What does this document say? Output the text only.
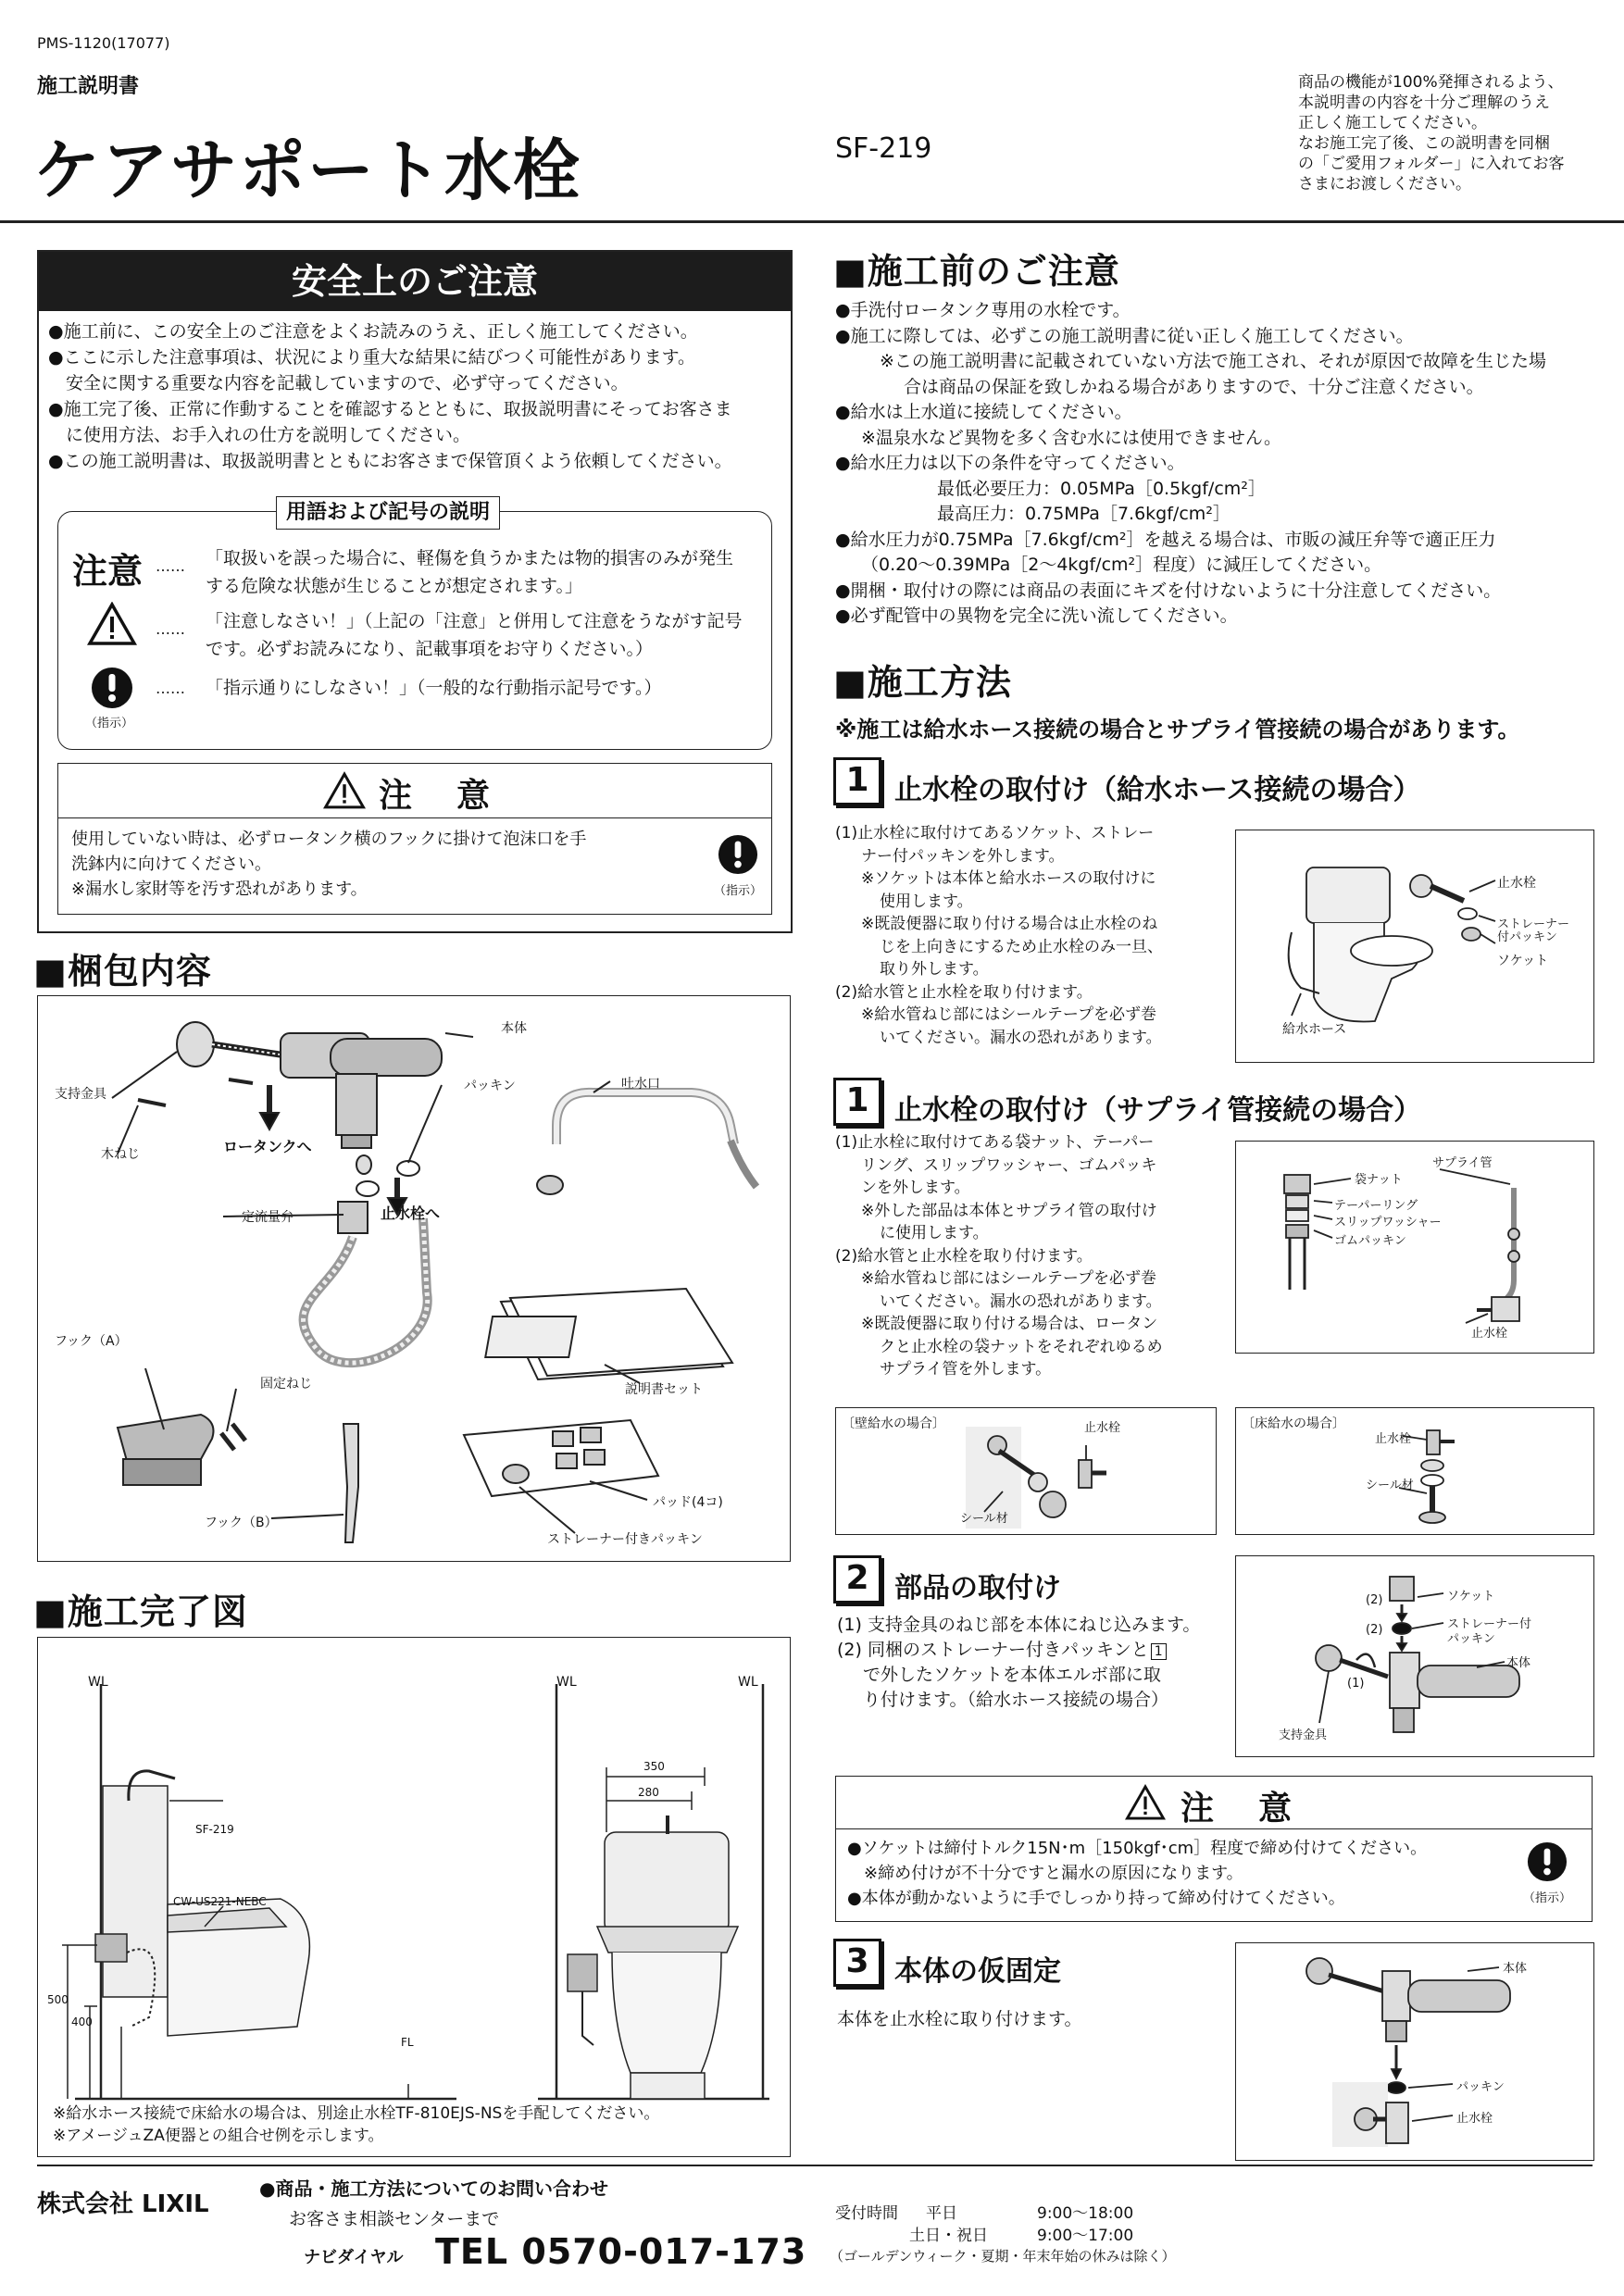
PMS-1120(17077)
施工説明書
ケアサポート水栓	SF-219
商品の機能が100%発揮されるよう、
本説明書の内容を十分ご理解のうえ
正しく施工してください。
なお施工完了後、この説明書を同梱
の「ご愛用フォルダー」に入れてお客
さまにお渡しください。
安全上のご注意
●施工前に、この安全上のご注意をよくお読みのうえ、正しく施工してください。
●ここに示した注意事項は、状況により重大な結果に結びつく可能性があります。
　安全に関する重要な内容を記載していますので、必ず守ってください。
●施工完了後、正常に作動することを確認するとともに、取扱説明書にそってお客さま
　に使用方法、お手入れの仕方を説明してください。
●この施工説明書は、取扱説明書とともにお客さまで保管頂くよう依頼してください。
用語および記号の説明
注意 …… 「取扱いを誤った場合に、軽傷を負うかまたは物的損害のみが発生
する危険な状態が生じることが想定されます。」
…… 「注意しなさい！」（上記の「注意」と併用して注意をうながす記号
です。必ずお読みになり、記載事項をお守りください。）
（指示）
…… 「指示通りにしなさい！」（一般的な行動指示記号です。）
注　意
使用していない時は、必ずロータンク横のフックに掛けて泡沫口を手
洗鉢内に向けてください。
※漏水し家財等を汚す恐れがあります。	（指示）
■梱包内容
本体
支持金具
木ねじ	ロータンクへ
パッキン	吐水口
定流量弁	止水栓へ
フック（A）
固定ねじ	説明書セット
フック（B）
パッド(4コ)
ストレーナー付きパッキン
■施工完了図
WL	WL	WL
SF-219
CW-US221-NEBC
500
400
FL
350
280
※給水ホース接続で床給水の場合は、別途止水栓TF-810EJS-NSを手配してください。
※アメージュZA便器との組合せ例を示します。
■施工前のご注意
●手洗付ロータンク専用の水栓です。
●施工に際しては、必ずこの施工説明書に従い正しく施工してください。
※この施工説明書に記載されていない方法で施工され、それが原因で故障を生じた場
合は商品の保証を致しかねる場合がありますので、十分ご注意ください。
●給水は上水道に接続してください。
※温泉水など異物を多く含む水には使用できません。
●給水圧力は以下の条件を守ってください。
最低必要圧力：0.05MPa［0.5kgf/cm²］
最高圧力：0.75MPa［7.6kgf/cm²］
●給水圧力が0.75MPa［7.6kgf/cm²］を越える場合は、市販の減圧弁等で適正圧力
（0.20～0.39MPa［2～4kgf/cm²］程度）に減圧してください。
●開梱・取付けの際には商品の表面にキズを付けないように十分注意してください。
●必ず配管中の異物を完全に洗い流してください。
■施工方法
※施工は給水ホース接続の場合とサプライ管接続の場合があります。
1 止水栓の取付け（給水ホース接続の場合）
(1)止水栓に取付けてあるソケット、ストレー
ナー付パッキンを外します。
※ソケットは本体と給水ホースの取付けに
使用します。
※既設便器に取り付ける場合は止水栓のね
じを上向きにするため止水栓のみ一旦、
取り外します。
(2)給水管と止水栓を取り付けます。
※給水管ねじ部にはシールテープを必ず巻
いてください。漏水の恐れがあります。
止水栓
ストレーナー
付パッキン
ソケット
給水ホース
1 止水栓の取付け（サプライ管接続の場合）
(1)止水栓に取付けてある袋ナット、テーパー
リング、スリップワッシャー、ゴムパッキ
ンを外します。
※外した部品は本体とサプライ管の取付け
に使用します。
(2)給水管と止水栓を取り付けます。
※給水管ねじ部にはシールテープを必ず巻
いてください。漏水の恐れがあります。
※既設便器に取り付ける場合は、ロータン
クと止水栓の袋ナットをそれぞれゆるめ
サプライ管を外します。
袋ナット
テーパーリング
スリップワッシャー
ゴムパッキン
サプライ管
止水栓
〔壁給水の場合〕	止水栓
シール材
〔床給水の場合〕
止水栓
シール材
2 部品の取付け
(1) 支持金具のねじ部を本体にねじ込みます。
(2) 同梱のストレーナー付きパッキンと 1
で外したソケットを本体エルボ部に取
り付けます。（給水ホース接続の場合）
(2)
(2)
(1)
ソケット
ストレーナー付
パッキン
本体
支持金具
注　意
●ソケットは締付トルク15N･m［150kgf･cm］程度で締め付けてください。
　※締め付けが不十分ですと漏水の原因になります。
●本体が動かないように手でしっかり持って締め付けてください。	（指示）
3 本体の仮固定
本体を止水栓に取り付けます。
本体
パッキン
止水栓
株式会社 LIXIL
●商品・施工方法についてのお問い合わせ
お客さま相談センターまで
ナビダイヤル TEL 0570-017-173
受付時間 平日	9:00～18:00
土日・祝日	9:00～17:00
（ゴールデンウィーク・夏期・年末年始の休みは除く）
